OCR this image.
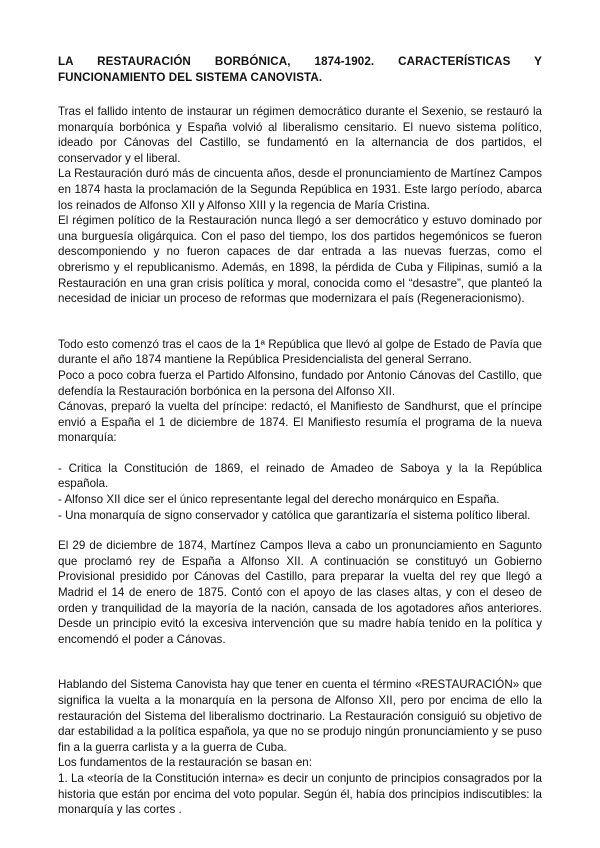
LA RESTAURACIÓN BORBÓNICA, 1874-1902. CARACTERÍSTICAS Y FUNCIONAMIENTO DEL SISTEMA CANOVISTA.

Tras el fallido intento de instaurar un régimen democrático durante el Sexenio, se restauró la monarquía borbónica y España volvió al liberalismo censitario. El nuevo sistema político, ideado por Cánovas del Castillo, se fundamentó en la alternancia de dos partidos, el conservador y el liberal.

La Restauración duró más de cincuenta años, desde el pronunciamiento de Martínez Campos en 1874 hasta la proclamación de la Segunda República en 1931. Este largo período, abarca los reinados de Alfonso XII y Alfonso XIII y la regencia de María Cristina.

El régimen político de la Restauración nunca llegó a ser democrático y estuvo dominado por una burguesía oligárquica. Con el paso del tiempo, los dos partidos hegemónicos se fueron descomponiendo y no fueron capaces de dar entrada a las nuevas fuerzas, como el obrerismo y el republicanismo. Además, en 1898, la pérdida de Cuba y Filipinas, sumió a la Restauración en una gran crisis política y moral, conocida como el “desastre”, que planteó la necesidad de iniciar un proceso de reformas que modernizara el país (Regeneracionismo).

Todo esto comenzó tras el caos de la 1ª República que llevó al golpe de Estado de Pavía que durante el año 1874 mantiene la República Presidencialista del general Serrano.

Poco a poco cobra fuerza el Partido Alfonsino, fundado por Antonio Cánovas del Castillo, que defendía la Restauración borbónica en la persona del Alfonso XII.

Cánovas, preparó la vuelta del príncipe: redactó, el Manifiesto de Sandhurst, que el príncipe envió a España el 1 de diciembre de 1874. El Manifiesto resumía el programa de la nueva monarquía:

- Critica la Constitución de 1869, el reinado de Amadeo de Saboya y la la República española.
- Alfonso XII dice ser el único representante legal del derecho monárquico en España.
- Una monarquía de signo conservador y católica que garantizaría el sistema político liberal.

El 29 de diciembre de 1874, Martínez Campos lleva a cabo un pronunciamiento en Sagunto que proclamó rey de España a Alfonso XII. A continuación se constituyó un Gobierno Provisional presidido por Cánovas del Castillo, para preparar la vuelta del rey que llegó a Madrid el 14 de enero de 1875. Contó con el apoyo de las clases altas, y con el deseo de orden y tranquilidad de la mayoría de la nación, cansada de los agotadores años anteriores. Desde un principio evitó la excesiva intervención que su madre había tenido en la política y encomendó el poder a Cánovas.

Hablando del Sistema Canovista hay que tener en cuenta el término «RESTAURACIÓN» que significa la vuelta a la monarquía en la persona de Alfonso XII, pero por encima de ello la restauración del Sistema del liberalismo doctrinario. La Restauración consiguió su objetivo de dar estabilidad a la política española, ya que no se produjo ningún pronunciamiento y se puso fin a la guerra carlista y a la guerra de Cuba.

Los fundamentos de la restauración se basan en:

1. La «teoría de la Constitución interna» es decir un conjunto de principios consagrados por la historia que están por encima del voto popular. Según él, había dos principios indiscutibles: la monarquía y las cortes .
